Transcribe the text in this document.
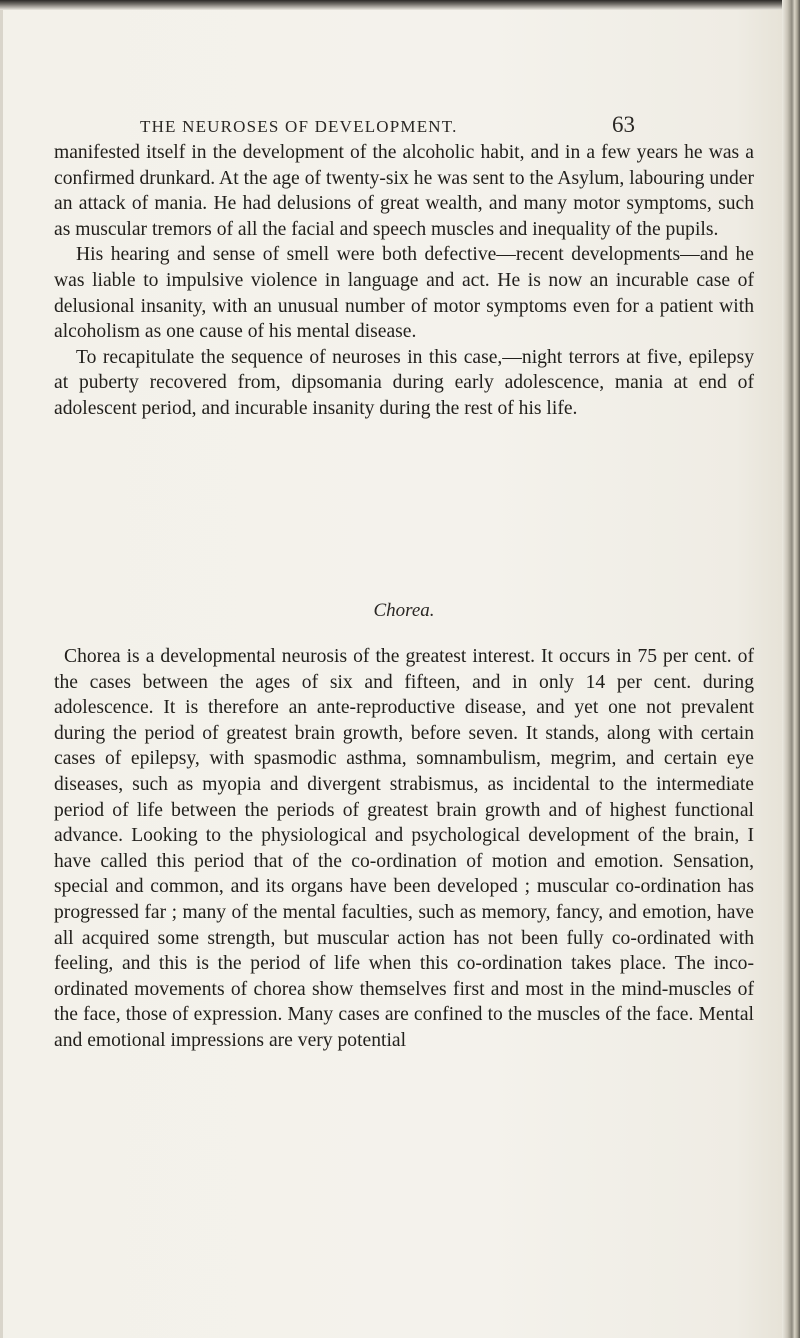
THE NEUROSES OF DEVELOPMENT.	63

manifested itself in the development of the alcoholic habit, and in a few years he was a confirmed drunkard. At the age of twenty-six he was sent to the Asylum, labouring under an attack of mania. He had delusions of great wealth, and many motor symptoms, such as muscular tremors of all the facial and speech muscles and inequality of the pupils.

His hearing and sense of smell were both defective—recent developments—and he was liable to impulsive violence in language and act. He is now an incurable case of delusional insanity, with an unusual number of motor symptoms even for a patient with alcoholism as one cause of his mental disease.

To recapitulate the sequence of neuroses in this case,—night terrors at five, epilepsy at puberty recovered from, dipsomania during early adolescence, mania at end of adolescent period, and incurable insanity during the rest of his life.

Chorea.

Chorea is a developmental neurosis of the greatest interest. It occurs in 75 per cent. of the cases between the ages of six and fifteen, and in only 14 per cent. during adolescence. It is therefore an ante-reproductive disease, and yet one not prevalent during the period of greatest brain growth, before seven. It stands, along with certain cases of epilepsy, with spasmodic asthma, somnambulism, megrim, and certain eye diseases, such as myopia and divergent strabismus, as incidental to the intermediate period of life between the periods of greatest brain growth and of highest functional advance. Looking to the physiological and psychological development of the brain, I have called this period that of the co-ordination of motion and emotion. Sensation, special and common, and its organs have been developed ; muscular co-ordination has progressed far ; many of the mental faculties, such as memory, fancy, and emotion, have all acquired some strength, but muscular action has not been fully co-ordinated with feeling, and this is the period of life when this co-ordination takes place. The inco-ordinated movements of chorea show themselves first and most in the mind-muscles of the face, those of expression. Many cases are confined to the muscles of the face. Mental and emotional impressions are very potential
